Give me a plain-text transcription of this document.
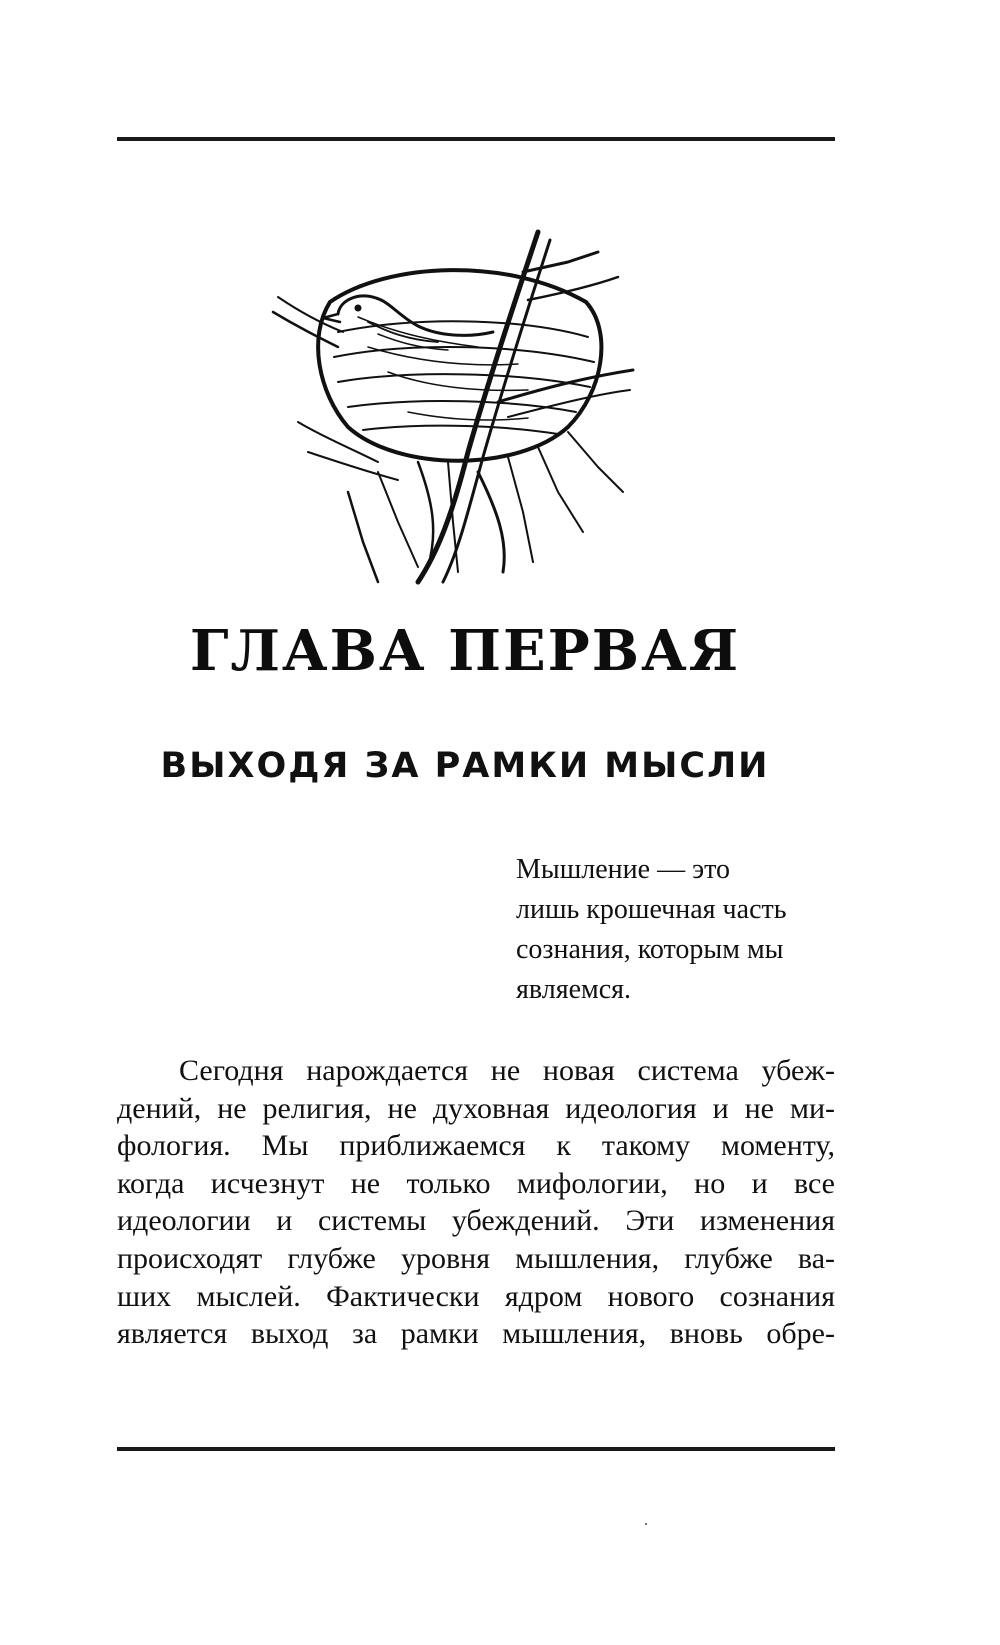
ГЛАВА ПЕРВАЯ
ВЫХОДЯ ЗА РАМКИ МЫСЛИ

Мышление — это
лишь крошечная часть
сознания, которым мы
являемся.

Сегодня нарождается не новая система убеж-
дений, не религия, не духовная идеология и не ми-
фология. Мы приближаемся к такому моменту,
когда исчезнут не только мифологии, но и все
идеологии и системы убеждений. Эти изменения
происходят глубже уровня мышления, глубже ва-
ших мыслей. Фактически ядром нового сознания
является выход за рамки мышления, вновь обре-
